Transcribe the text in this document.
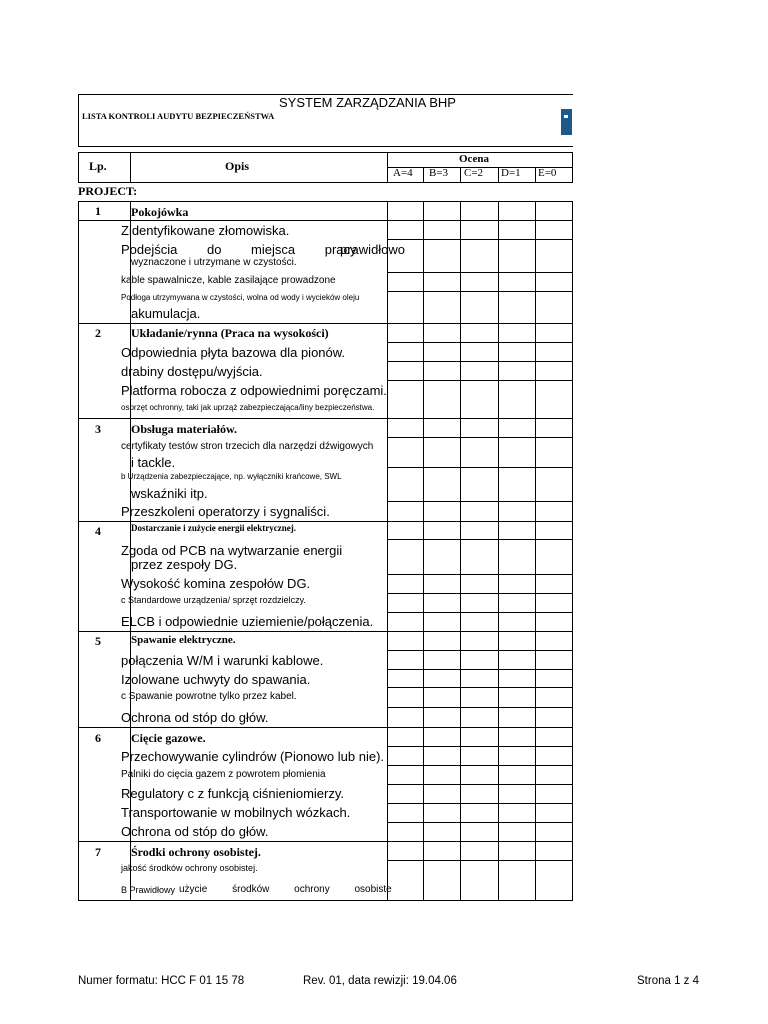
SYSTEM ZARZĄDZANIA BHP
LISTA KONTROLI AUDYTU BEZPIECZEŃSTWA
Lp.	Opis	Ocena
A=4 B=3 C=2 D=1 E=0
PROJECT:
1	Pokojówka
Zidentyfikowane złomowiska.
Podejścia do miejsca pracy
prawidłowo
wyznaczone i utrzymane w czystości.
kable spawalnicze, kable zasilające prowadzone
Podłoga utrzymywana w czystości, wolna od wody i wycieków oleju
akumulacja.
2	Układanie/rynna (Praca na wysokości)
Odpowiednia płyta bazowa dla pionów.
drabiny dostępu/wyjścia.
Platforma robocza z odpowiednimi poręczami.
osprzęt ochronny, taki jak uprząż zabezpieczająca/liny bezpieczeństwa.
3	Obsługa materiałów.
certyfikaty testów stron trzecich dla narzędzi dźwigowych
i tackle.
b Urządzenia zabezpieczające, np. wyłączniki krańcowe, SWL
wskaźniki itp.
Przeszkoleni operatorzy i sygnaliści.
4	Dostarczanie i zużycie energii elektrycznej.
Zgoda od PCB na wytwarzanie energii
przez zespoły DG.
Wysokość komina zespołów DG.
c Standardowe urządzenia/ sprzęt rozdzielczy.
ELCB i odpowiednie uziemienie/połączenia.
5	Spawanie elektryczne.
połączenia W/M i warunki kablowe.
Izolowane uchwyty do spawania.
c Spawanie powrotne tylko przez kabel.
Ochrona od stóp do głów.
6	Cięcie gazowe.
Przechowywanie cylindrów (Pionowo lub nie).
Palniki do cięcia gazem z powrotem płomienia
Regulatory c z funkcją ciśnieniomierzy.
Transportowanie w mobilnych wózkach.
Ochrona od stóp do głów.
7	Środki ochrony osobistej.
jakość środków ochrony osobistej.
B Prawidłowy użycie środków ochrony osobiste
Numer formatu: HCC F 01 15 78	Rev. 01, data rewizji: 19.04.06	Strona 1 z 4
